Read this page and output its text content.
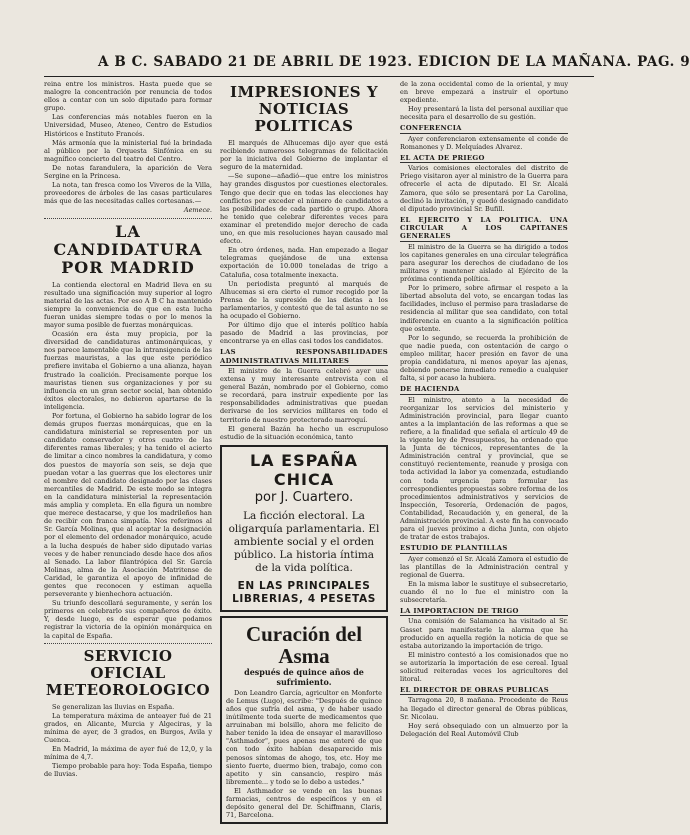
A B C. SABADO 21 DE ABRIL DE 1923. EDICION DE LA MAÑANA. PAG. 9

reina entre los ministros. Hasta puede que se malogre la concentración por renuncia de todos ellos a contar con un solo diputado para formar grupo.

Las conferencias más notables fueron en la Universidad, Museo, Ateneo, Centro de Estudios Históricos e Instituto Francés.

Más armonía que la ministerial fué la brindada al público por la Orquesta Sinfónica en su magnífico concierto del teatro del Centro.

De notas farandulera, la aparición de Vera Sergine en la Princesa.

La nota, tan fresca como los Viveros de la Villa, proveedores de árboles de las casas particulares más que de las necesitadas calles cortesanas.—

Aemece.

LA CANDIDATURA POR MADRID

La contienda electoral en Madrid lleva en su resultado una significación muy superior al logro material de las actas. Por eso A B C ha mantenido siempre la conveniencia de que en esta lucha fueran unidas siempre todas o por lo menos la mayor suma posible de fuerzas monárquicas.

Ocasión era ésta muy propicia, por la diversidad de candidaturas antimonárquicas, y nos parece lamentable que la intransigencia de las fuerzas mauristas, a las que este periódico prefiere invitaba el Gobierno a una alianza, hayan frustrado la coalición. Precisamente porque los mauristas tienen sus organizaciones y por su influencia en un gran sector social, han obtenido éxitos electorales, no debieron apartarse de la inteligencia.

Por fortuna, el Gobierno ha sabido lograr de los demás grupos fuerzas monárquicas, que en la candidatura ministerial se representen por un candidato conservador y otros cuatro de las diferentes ramas liberales; y ha tenido el acierto de limitar a cinco nombres la candidatura, y como dos puestos de mayoría son seis, se deja que puedan votar a las guerras que los electores unir el nombre del candidato designado por las clases mercantiles de Madrid. De este modo se integra en la candidatura ministerial la representación más amplia y completa. En ella figura un nombre que merece destacarse, y que los madrileños han de recibir con franca simpatía. Nos referimos al Sr. García Molinas, que al aceptar la designación por el elemento del ordenador monárquico, acude a la lucha después de haber sido diputado varias veces y de haber renunciado desde hace dos años al Senado. La labor filantrópica del Sr. García Molinas, alma de la Asociación Matritense de Caridad, le garantiza el apoyo de infinidad de gentes que reconocen y estiman aquella perseverante y bienhechora actuación.

Su triunfo descollará seguramente, y serán los primeros en celebrarlo sus compañeros de éxito. Y, desde luego, es de esperar que podamos registrar la victoria de la opinión monárquica en la capital de España.

SERVICIO OFICIAL METEOROLOGICO

Se generalizan las lluvias en España.

La temperatura máxima de anteayer fué de 21 grados, en Alicante, Murcia y Algeciras, y la mínima de ayer, de 3 grados, en Burgos, Avila y Cuenca.

En Madrid, la máxima de ayer fué de 12,0, y la mínima de 4,7.

Tiempo probable para hoy: Toda España, tiempo de lluvias.

IMPRESIONES Y NOTICIAS POLITICAS

El marqués de Alhucemas dijo ayer que está recibiendo numerosos telegramas de felicitación por la iniciativa del Gobierno de implantar el seguro de la maternidad.

—Se supone—añadió—que entre los ministros hay grandes disgustos por cuestiones electorales. Tengo que decir que en todas las elecciones hay conflictos por exceder el número de candidatos a las posibilidades de cada partido o grupo. Ahora he tenido que celebrar diferentes veces para examinar el pretendido mejor derecho de cada uno, en que mis resoluciones hayan causado mal efecto.

En otro órdenes, nada. Han empezado a llegar telegramas quejándose de una extensa exportación de 10.000 toneladas de trigo a Cataluña, cosa totalmente inexacta.

Un periodista preguntó al marqués de Alhucemas si era cierto el rumor recogido por la Prensa de la supresión de las dietas a los parlamentarios, y contestó que de tal asunto no se ha ocupado el Gobierno.

Por último dijo que el interés político había pasado de Madrid a las provincias, por encontrarse ya en ellas casi todos los candidatos.

LAS RESPONSABILIDADES ADMINISTRATIVAS MILITARES

El ministro de la Guerra celebró ayer una extensa y muy interesante entrevista con el general Bazán, nombrado por el Gobierno, como se recordará, para instruir expediente por las responsabilidades administrativas que puedan derivarse de los servicios militares en todo el territorio de nuestro protectorado marroquí.

El general Bazán ha hecho un escrupuloso estudio de la situación económica, tanto

LA ESPAÑA CHICA
por J. Cuartero.
La ficción electoral. La oligarquía parlamentaria. El ambiente social y el orden público. La historia íntima de la vida política.
EN LAS PRINCIPALES LIBRERIAS, 4 PESETAS
Curación del Asma
después de quince años de sufrimiento.

Don Leandro García, agricultor en Monforte de Lemus (Lugo), escribe: "Después de quince años que sufría del asma, y de haber usado inútilmente toda suerte de medicamentos que arruinaban mi bolsillo, ahora me felicito de haber tenido la idea de ensayar el maravilloso "Asthmador", pues apenas me enteré de que con todo éxito habían desaparecido mis penosos síntomas de ahogo, tos, etc. Hoy me siento fuerte, duermo bien, trabajo, como con apetito y sin cansancio, respiro más libremente... y todo se lo debo a ustedes."

El Asthmador se vende en las buenas farmacias, centros de específicos y en el depósito general del Dr. Schiffmann, Claris, 71, Barcelona.

de la zona occidental como de la oriental, y muy en breve empezará a instruir el oportuno expediente.

Hoy presentará la lista del personal auxiliar que necesita para el desarrollo de su gestión.

CONFERENCIA

Ayer conferenciaron extensamente el conde de Romanones y D. Melquíades Alvarez.

EL ACTA DE PRIEGO

Varios comisiones electorales del distrito de Priego visitaron ayer al ministro de la Guerra para ofrecerle el acta de diputado. El Sr. Alcalá Zamora, que sólo se presentará por La Carolina, declinó la invitación, y quedó designado candidato el diputado provincial Sr. Bufill.

EL EJERCITO Y LA POLITICA. UNA CIRCULAR A LOS CAPITANES GENERALES

El ministro de la Guerra se ha dirigido a todos los capitanes generales en una circular telegráfica para asegurar los derechos de ciudadano de los militares y mantener aislado al Ejército de la próxima contienda política.

Por lo primero, sobre afirmar el respeto a la libertad absoluta del voto, se encargan todas las facilidades, incluso el permiso para trasladarse de residencia al militar que sea candidato, con total indiferencia en cuanto a la significación política que ostente.

Por lo segundo, se recuerda la prohibición de que nadie pueda, con ostentación de cargo o empleo militar, hacer presión en favor de una propia candidatura, ni menos apoyar las ajenas, debiendo ponerse inmediato remedio a cualquier falta, si por acaso la hubiera.

DE HACIENDA

El ministro, atento a la necesidad de reorganizar los servicios del ministerio y Administración provincial, para llegar cuanto antes a la implantación de las reformas a que se refiere, a la finalidad que señala el artículo 49 de la vigente ley de Presupuestos, ha ordenado que la Junta de técnicos, representantes de la Administración central y provincial, que se constituyó recientemente, reanude y prosiga con toda actividad la labor ya comenzada, estudiando con toda urgencia para formular las correspondientes propuestas sobre reforma de los procedimientos administrativos y servicios de Inspección, Tesorería, Ordenación de pagos, Contabilidad, Recaudación y, en general, de la Administración provincial. A este fin ha convocado para el jueves próximo a dicha Junta, con objeto de tratar de estos trabajos.

ESTUDIO DE PLANTILLAS

Ayer comenzó el Sr. Alcalá Zamora el estudio de las plantillas de la Administración central y regional de Guerra.

En la misma labor le sustituye el subsecretario, cuando él no lo fue el ministro con la subsecretaría.

LA IMPORTACION DE TRIGO

Una comisión de Salamanca ha visitado al Sr. Gasset para manifestarle la alarma que ha producido en aquella región la noticia de que se estaba autorizando la importación de trigo.

El ministro contestó a los comisionados que no se autorizaría la importación de ese cereal. Igual solicitud reiteradas veces los agricultores del litoral.

EL DIRECTOR DE OBRAS PUBLICAS

Tarragona 20, 8 mañana. Procedente de Reus ha llegado el director general de Obras públicas, Sr. Nicolau.

Hoy será obsequiado con un almuerzo por la Delegación del Real Automóvil Club
